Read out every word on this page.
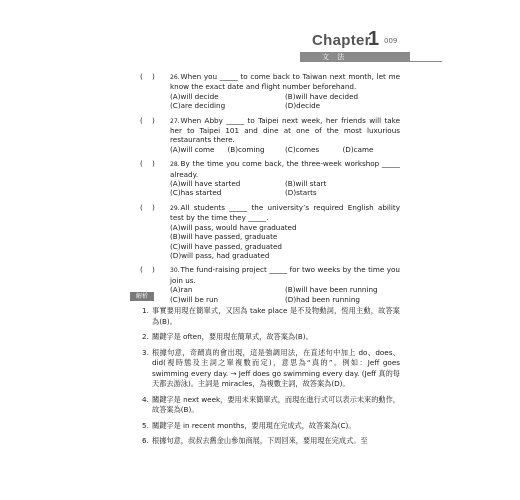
Chapter
1 009
文 法
(    )	26.When you _____ to come back to Taiwan next month, let me know the exact date and flight number beforehand.
(A)will decide	(B)will have decided
(C)are deciding	(D)decide
(    )	27.When Abby _____ to Taipei next week, her friends will take her to Taipei 101 and dine at one of the most luxurious restaurants there.
(A)will come	(B)coming	(C)comes	(D)came
(    )	28.By the time you come back, the three-week workshop _____ already.
(A)will have started	(B)will start
(C)has started	(D)starts
(    )	29.All students _____ the university’s required English ability test by the time they _____.
(A)will pass, would have graduated
(B)will have passed, graduate
(C)will have passed, graduated
(D)will pass, had graduated
(    )	30.The fund-raising project _____ for two weeks by the time you join us.
(A)ran	(B)will have been running
(C)will be run	(D)had been running
解析
1. 事實要用現在簡單式，又因為 take place 是不及物動詞，恆用主動，故答案為(B)。
2. 關鍵字是 often，要用現在簡單式，故答案為(B)。
3. 根據句意，奇蹟真的會出現，這是強調用法，在直述句中加上 do、does、did(視時態及主詞之單複數而定)，意思為“真的”。例如：Jeff goes swimming every day. → Jeff does go swimming every day. (Jeff 真的每天都去游泳)。主詞是 miracles，為複數主詞，故答案為(D)。
4. 關鍵字是 next week，要用未來簡單式，而現在進行式可以表示未來的動作，故答案為(B)。
5. 關鍵字是 in recent months，要用現在完成式，故答案為(C)。
6. 根據句意，叔叔去舊金山參加商展，下周回來，要用現在完成式。至
